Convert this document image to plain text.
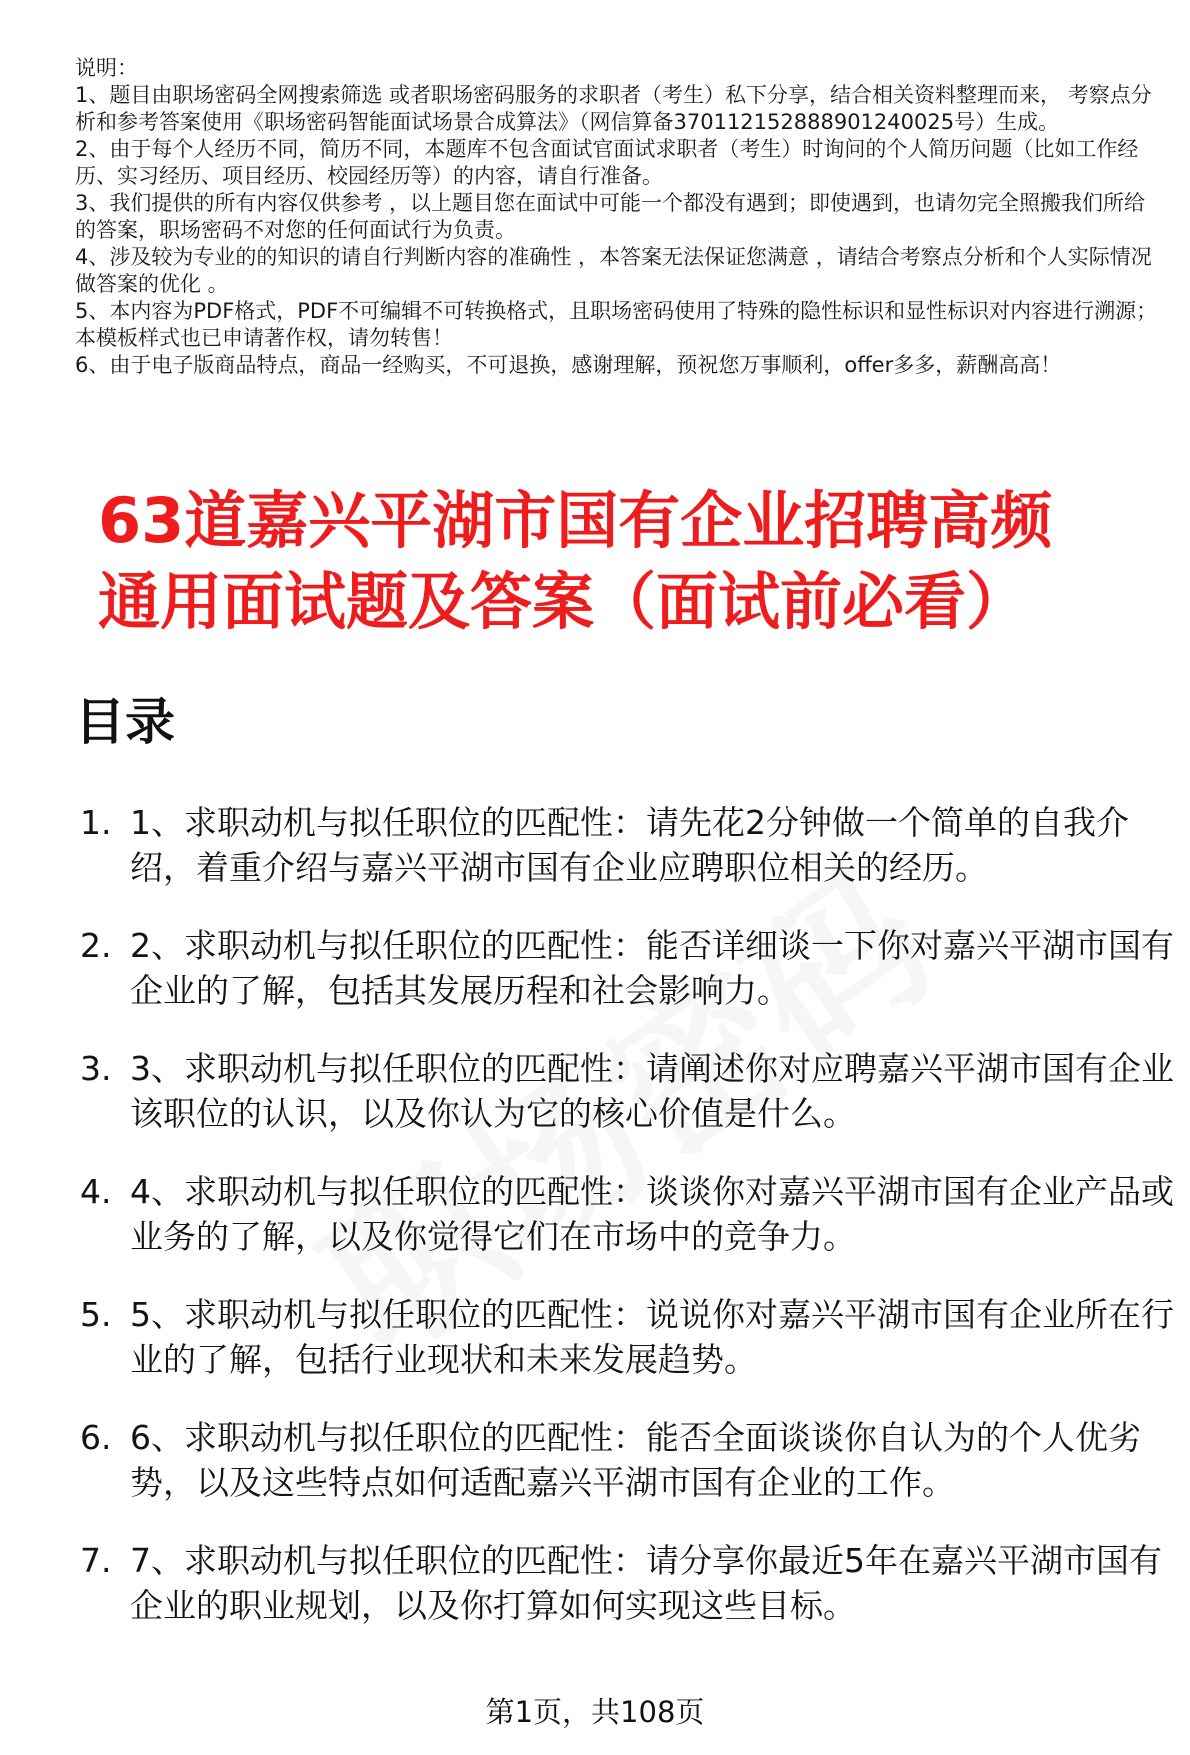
说明：

1、题目由职场密码全网搜索筛选 或者职场密码服务的求职者（考生）私下分享，结合相关资料整理而来， 考察点分析和参考答案使用《职场密码智能面试场景合成算法》（网信算备370112152888901240025号）生成。

2、由于每个人经历不同，简历不同，本题库不包含面试官面试求职者（考生）时询问的个人简历问题（比如工作经历、实习经历、项目经历、校园经历等）的内容，请自行准备。

3、我们提供的所有内容仅供参考 ，以上题目您在面试中可能一个都没有遇到；即使遇到，也请勿完全照搬我们所给的答案，职场密码不对您的任何面试行为负责。

4、涉及较为专业的的知识的请自行判断内容的准确性 ，本答案无法保证您满意 ，请结合考察点分析和个人实际情况做答案的优化 。

5、本内容为PDF格式，PDF不可编辑不可转换格式，且职场密码使用了特殊的隐性标识和显性标识对内容进行溯源；本模板样式也已申请著作权，请勿转售！

6、由于电子版商品特点，商品一经购买，不可退换，感谢理解，预祝您万事顺利，offer多多，薪酬高高！

63道嘉兴平湖市国有企业招聘高频
通用面试题及答案（面试前必看）
目录
1. 1、求职动机与拟任职位的匹配性：请先花2分钟做一个简单的自我介绍，着重介绍与嘉兴平湖市国有企业应聘职位相关的经历。
2. 2、求职动机与拟任职位的匹配性：能否详细谈一下你对嘉兴平湖市国有企业的了解，包括其发展历程和社会影响力。
3. 3、求职动机与拟任职位的匹配性：请阐述你对应聘嘉兴平湖市国有企业该职位的认识，以及你认为它的核心价值是什么。
4. 4、求职动机与拟任职位的匹配性：谈谈你对嘉兴平湖市国有企业产品或业务的了解，以及你觉得它们在市场中的竞争力。
5. 5、求职动机与拟任职位的匹配性：说说你对嘉兴平湖市国有企业所在行业的了解，包括行业现状和未来发展趋势。
6. 6、求职动机与拟任职位的匹配性：能否全面谈谈你自认为的个人优劣势，以及这些特点如何适配嘉兴平湖市国有企业的工作。
7. 7、求职动机与拟任职位的匹配性：请分享你最近5年在嘉兴平湖市国有企业的职业规划，以及你打算如何实现这些目标。
第1页，共108页
